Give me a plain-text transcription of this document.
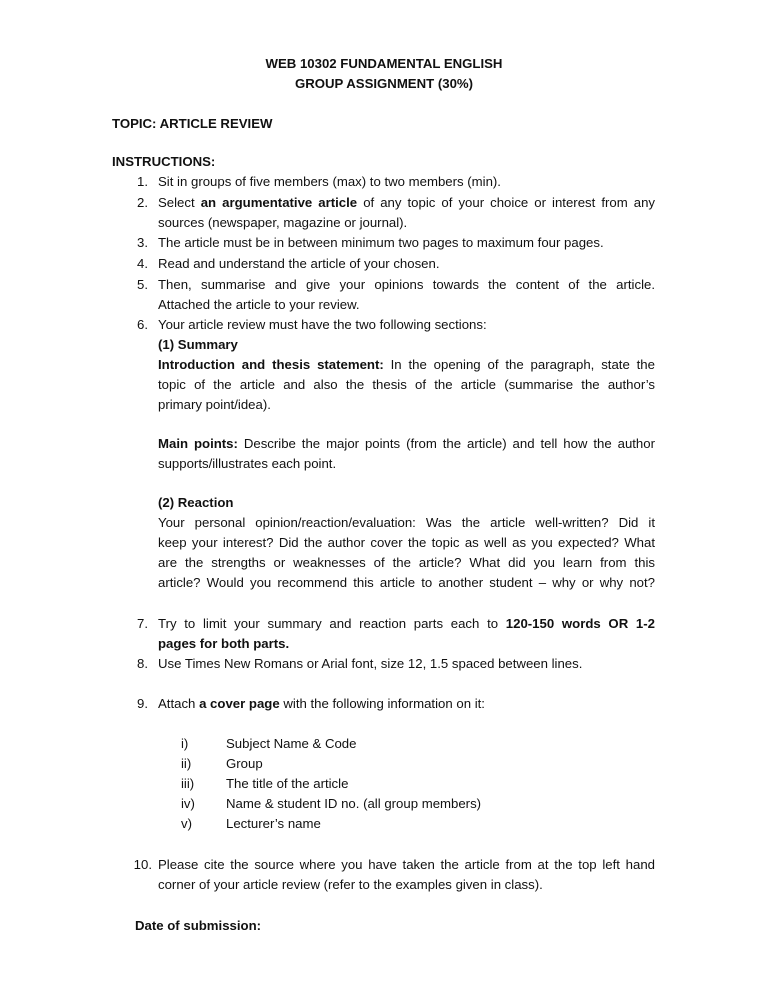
WEB 10302 FUNDAMENTAL ENGLISH
GROUP ASSIGNMENT (30%)
TOPIC: ARTICLE REVIEW
INSTRUCTIONS:
1. Sit in groups of five members (max) to two members (min).
2. Select an argumentative article of any topic of your choice or interest from any
sources (newspaper, magazine or journal).
3. The article must be in between minimum two pages to maximum four pages.
4. Read and understand the article of your chosen.
5. Then, summarise and give your opinions towards the content of the article.
Attached the article to your review.
6. Your article review must have the two following sections:
(1) Summary
Introduction and thesis statement: In the opening of the paragraph, state the
topic of the article and also the thesis of the article (summarise the author’s
primary point/idea).
Main points: Describe the major points (from the article) and tell how the author
supports/illustrates each point.
(2) Reaction
Your personal opinion/reaction/evaluation: Was the article well-written? Did it
keep your interest? Did the author cover the topic as well as you expected? What
are the strengths or weaknesses of the article? What did you learn from this
article? Would you recommend this article to another student – why or why not?
7. Try to limit your summary and reaction parts each to 120-150 words OR 1-2
pages for both parts.
8. Use Times New Romans or Arial font, size 12, 1.5 spaced between lines.
9. Attach a cover page with the following information on it:
i)	Subject Name & Code
ii)	Group
iii) The title of the article
iv) Name & student ID no. (all group members)
v)	Lecturer’s name
10. Please cite the source where you have taken the article from at the top left hand
corner of your article review (refer to the examples given in class).
Date of submission:
